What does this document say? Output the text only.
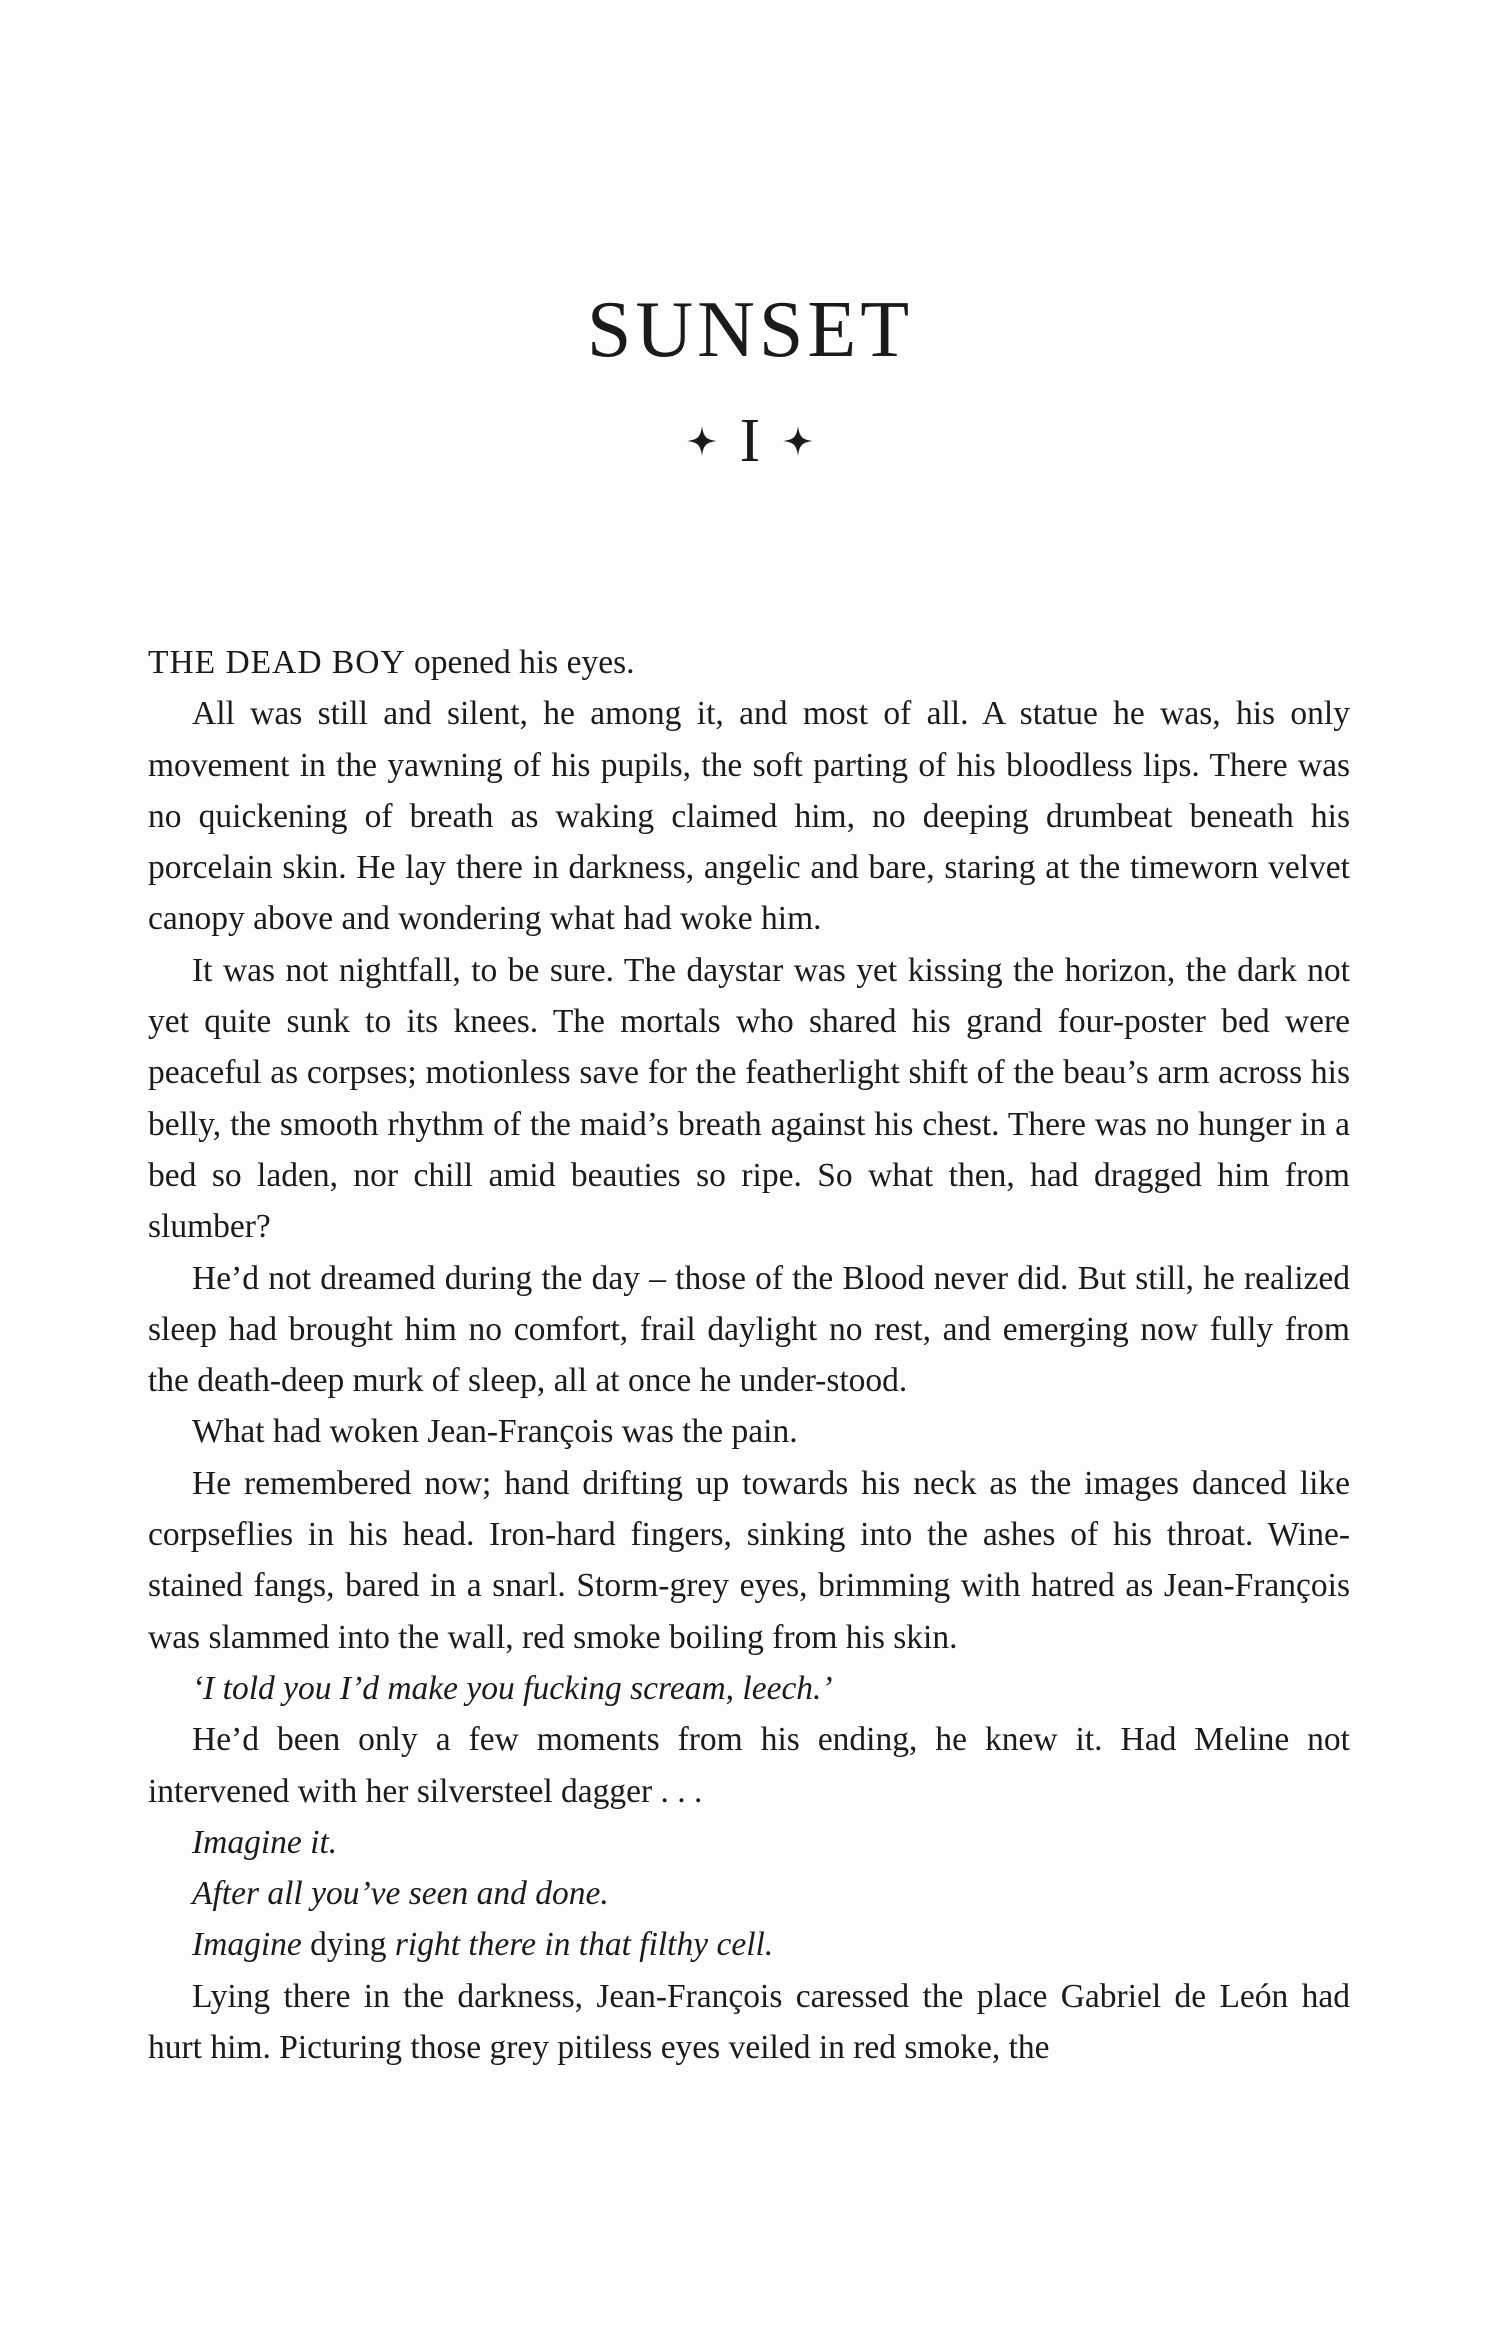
SUNSET
I

THE DEAD BOY opened his eyes.

All was still and silent, he among it, and most of all. A statue he was, his only movement in the yawning of his pupils, the soft parting of his bloodless lips. There was no quickening of breath as waking claimed him, no deeping drumbeat beneath his porcelain skin. He lay there in darkness, angelic and bare, staring at the timeworn velvet canopy above and wondering what had woke him.

It was not nightfall, to be sure. The daystar was yet kissing the horizon, the dark not yet quite sunk to its knees. The mortals who shared his grand four-poster bed were peaceful as corpses; motionless save for the featherlight shift of the beau’s arm across his belly, the smooth rhythm of the maid’s breath against his chest. There was no hunger in a bed so laden, nor chill amid beauties so ripe. So what then, had dragged him from slumber?

He’d not dreamed during the day – those of the Blood never did. But still, he realized sleep had brought him no comfort, frail daylight no rest, and emerging now fully from the death-deep murk of sleep, all at once he under-stood.

What had woken Jean-François was the pain.

He remembered now; hand drifting up towards his neck as the images danced like corpseflies in his head. Iron-hard fingers, sinking into the ashes of his throat. Wine-stained fangs, bared in a snarl. Storm-grey eyes, brimming with hatred as Jean-François was slammed into the wall, red smoke boiling from his skin.

‘I told you I’d make you fucking scream, leech.’

He’d been only a few moments from his ending, he knew it. Had Meline not intervened with her silversteel dagger . . .

Imagine it.

After all you’ve seen and done.

Imagine dying right there in that filthy cell.

Lying there in the darkness, Jean-François caressed the place Gabriel de León had hurt him. Picturing those grey pitiless eyes veiled in red smoke, the
